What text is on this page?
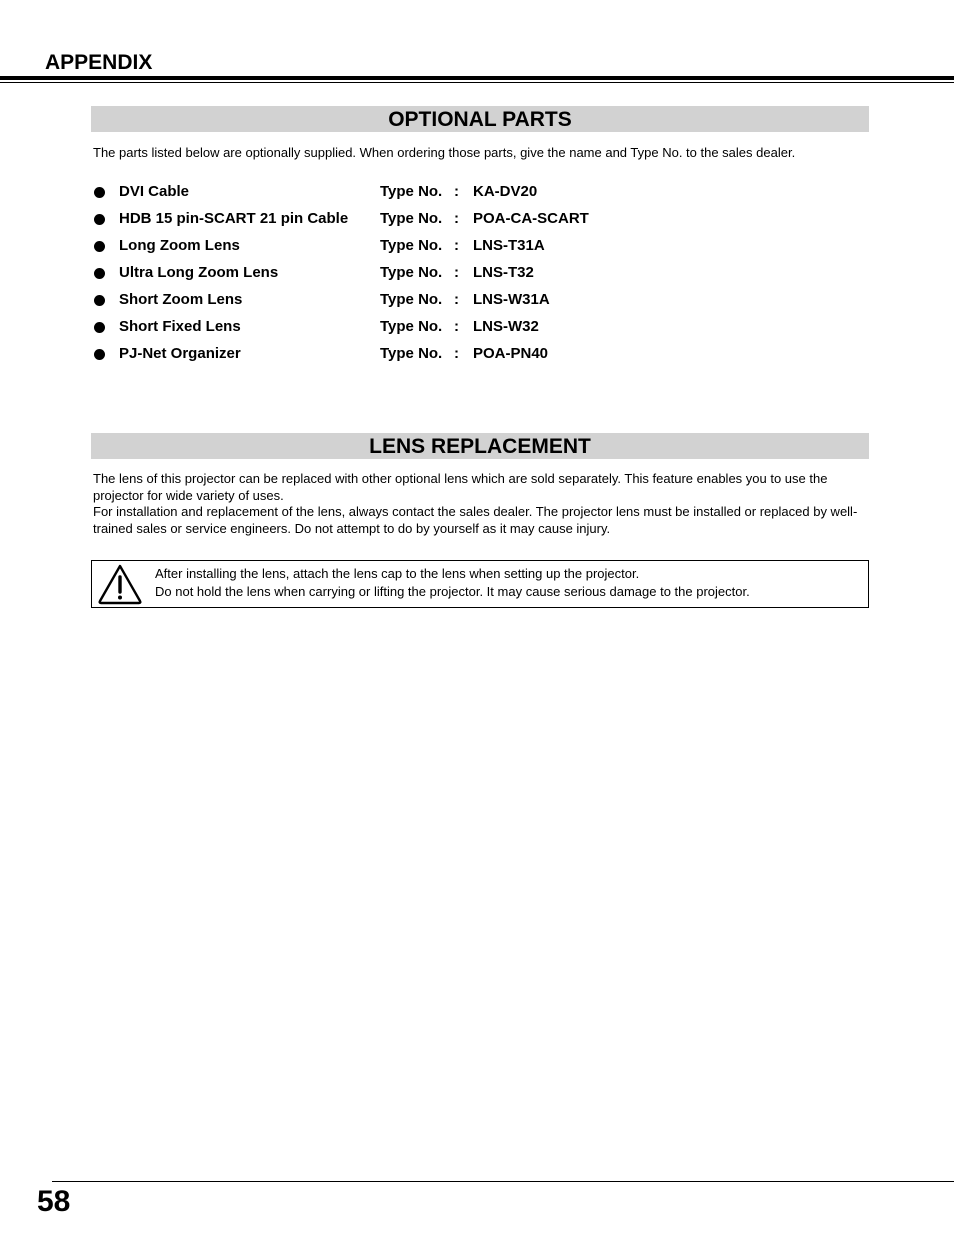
APPENDIX
OPTIONAL PARTS
The parts listed below are optionally supplied. When ordering those parts, give the name and Type No. to the sales dealer.
DVI Cable	Type No. : KA-DV20
HDB 15 pin-SCART 21 pin Cable Type No. : POA-CA-SCART
Long Zoom Lens	Type No. : LNS-T31A
Ultra Long Zoom Lens	Type No. : LNS-T32
Short Zoom Lens	Type No. : LNS-W31A
Short Fixed Lens	Type No. : LNS-W32
PJ-Net Organizer	Type No. : POA-PN40
LENS REPLACEMENT

The lens of this projector can be replaced with other optional lens which are sold separately. This feature enables you to use the projector for wide variety of uses.

For installation and replacement of the lens, always contact the sales dealer. The projector lens must be installed or replaced by well-trained sales or service engineers. Do not attempt to do by yourself as it may cause injury.

After installing the lens, attach the lens cap to the lens when setting up the projector.

Do not hold the lens when carrying or lifting the projector. It may cause serious damage to the projector.

58
